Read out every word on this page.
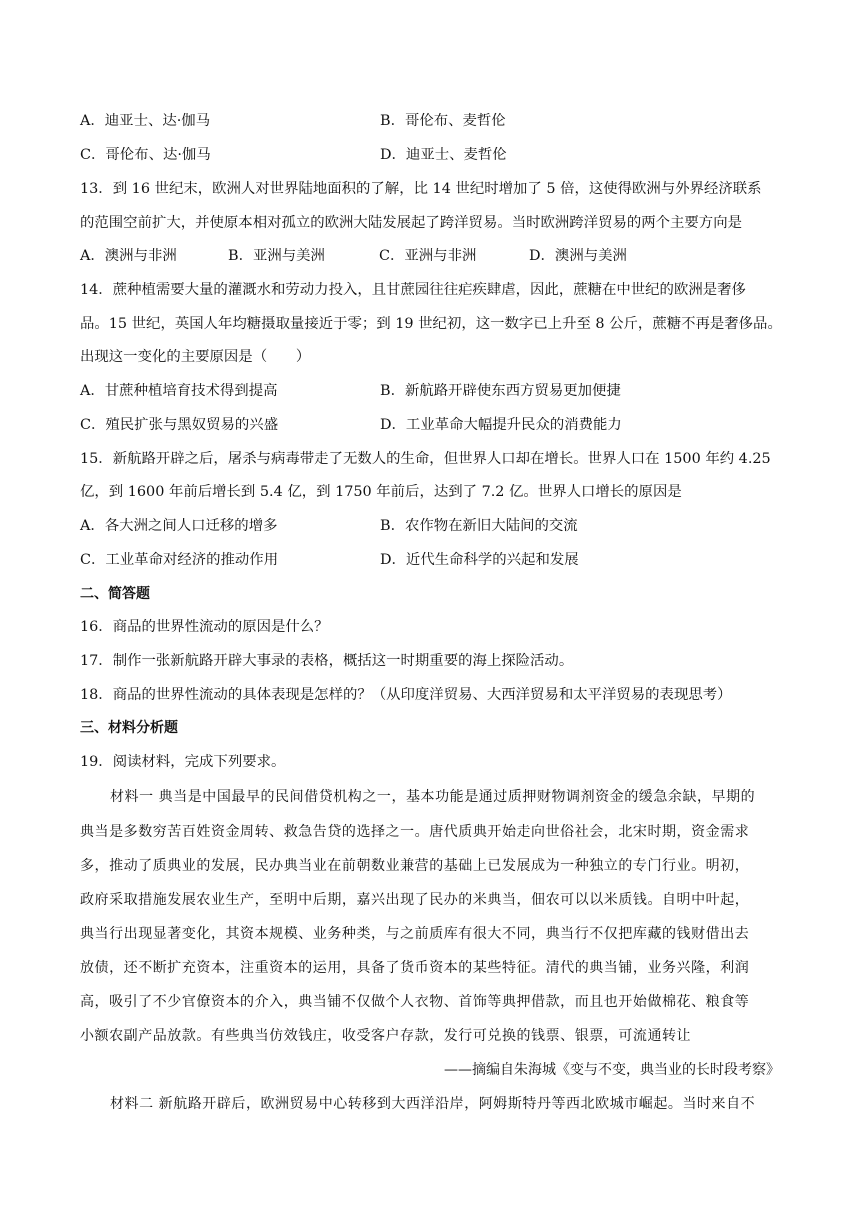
A．迪亚士、达·伽马	B．哥伦布、麦哲伦
C．哥伦布、达·伽马	D．迪亚士、麦哲伦
13．到 16 世纪末，欧洲人对世界陆地面积的了解，比 14 世纪时增加了 5 倍，这使得欧洲与外界经济联系
的范围空前扩大，并使原本相对孤立的欧洲大陆发展起了跨洋贸易。当时欧洲跨洋贸易的两个主要方向是
A．澳洲与非洲	B．亚洲与美洲	C．亚洲与非洲	D．澳洲与美洲
14．蔗种植需要大量的灌溉水和劳动力投入，且甘蔗园往往疟疾肆虐，因此，蔗糖在中世纪的欧洲是奢侈
品。15 世纪，英国人年均糖摄取量接近于零；到 19 世纪初，这一数字已上升至 8 公斤，蔗糖不再是奢侈品。
出现这一变化的主要原因是（　　）
A．甘蔗种植培育技术得到提高	B．新航路开辟使东西方贸易更加便捷
C．殖民扩张与黑奴贸易的兴盛	D．工业革命大幅提升民众的消费能力
15．新航路开辟之后，屠杀与病毒带走了无数人的生命，但世界人口却在增长。世界人口在 1500 年约 4.25
亿，到 1600 年前后增长到 5.4 亿，到 1750 年前后，达到了 7.2 亿。世界人口增长的原因是
A．各大洲之间人口迁移的增多	B．农作物在新旧大陆间的交流
C．工业革命对经济的推动作用	D．近代生命科学的兴起和发展
二、简答题
16．商品的世界性流动的原因是什么？
17．制作一张新航路开辟大事录的表格，概括这一时期重要的海上探险活动。
18．商品的世界性流动的具体表现是怎样的？（从印度洋贸易、大西洋贸易和太平洋贸易的表现思考）
三、材料分析题
19．阅读材料，完成下列要求。
材料一 典当是中国最早的民间借贷机构之一，基本功能是通过质押财物调剂资金的缓急余缺，早期的
典当是多数穷苦百姓资金周转、救急告贷的选择之一。唐代质典开始走向世俗社会，北宋时期，资金需求
多，推动了质典业的发展，民办典当业在前朝数业兼营的基础上已发展成为一种独立的专门行业。明初，
政府采取措施发展农业生产，至明中后期，嘉兴出现了民办的米典当，佃农可以以米质钱。自明中叶起，
典当行出现显著变化，其资本规模、业务种类，与之前质库有很大不同，典当行不仅把库藏的钱财借出去
放债，还不断扩充资本，注重资本的运用，具备了货币资本的某些特征。清代的典当铺，业务兴隆，利润
高，吸引了不少官僚资本的介入，典当铺不仅做个人衣物、首饰等典押借款，而且也开始做棉花、粮食等
小额农副产品放款。有些典当仿效钱庄，收受客户存款，发行可兑换的钱票、银票，可流通转让
——摘编自朱海城《变与不变，典当业的长时段考察》
材料二 新航路开辟后，欧洲贸易中心转移到大西洋沿岸，阿姆斯特丹等西北欧城市崛起。当时来自不
